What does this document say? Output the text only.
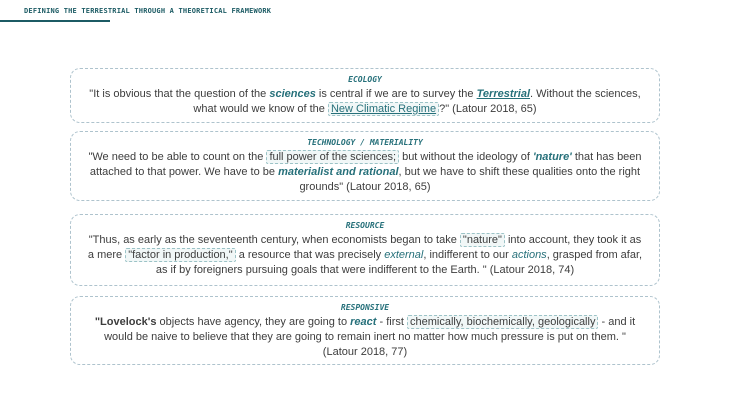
DEFINING THE TERRESTRIAL THROUGH A THEORETICAL FRAMEWORK
ECOLOGY
"It is obvious that the question of the sciences is central if we are to survey the Terrestrial. Without the sciences, what would we know of the New Climatic Regime ?" (Latour 2018, 65)
TECHNOLOGY / MATERIALITY
"We need to be able to count on the full power of the sciences; but without the ideology of 'nature' that has been attached to that power. We have to be materialist and rational, but we have to shift these qualities onto the right grounds" (Latour 2018, 65)
RESOURCE
"Thus, as early as the seventeenth century, when economists began to take "nature" into account, they took it as a mere "factor in production," a resource that was precisely external, indifferent to our actions, grasped from afar, as if by foreigners pursuing goals that were indifferent to the Earth. " (Latour 2018, 74)
RESPONSIVE
"Lovelock's objects have agency, they are going to react - first chemically, biochemically, geologically - and it would be naive to believe that they are going to remain inert no matter how much pressure is put on them. "
(Latour 2018, 77)
